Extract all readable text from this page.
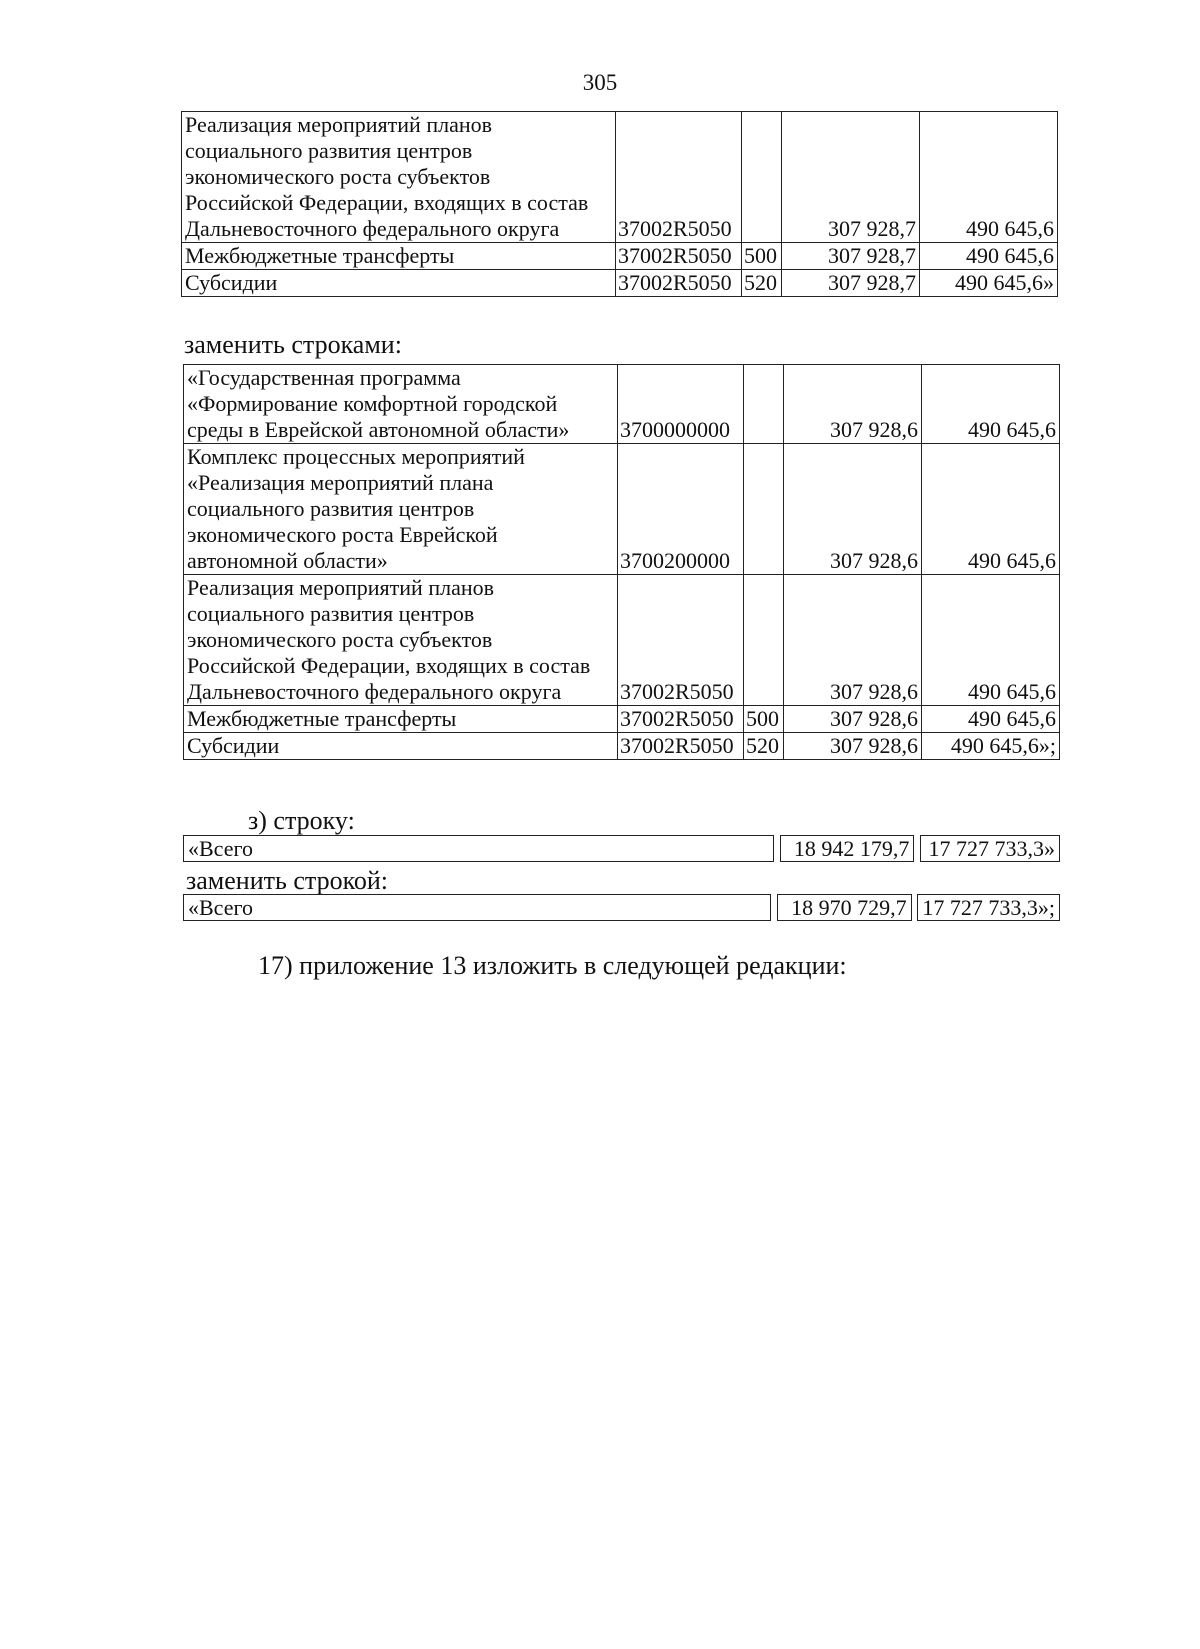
305
Реализация мероприятий планов
социального развития центров
экономического роста субъектов
Российской Федерации, входящих в состав
Дальневосточного федерального округа	37002R5050		307 928,7	490 645,6
Межбюджетные трансферты	37002R5050	500	307 928,7	490 645,6
Субсидии	37002R5050	520	307 928,7	490 645,6»
заменить строками:
«Государственная программа
«Формирование комфортной городской
среды в Еврейской автономной области»	3700000000		307 928,6	490 645,6

Комплекс процессных мероприятий
«Реализация мероприятий плана
социального развития центров
экономического роста Еврейской
автономной области»	3700200000		307 928,6	490 645,6

Реализация мероприятий планов
социального развития центров
экономического роста субъектов
Российской Федерации, входящих в состав
Дальневосточного федерального округа	37002R5050		307 928,6	490 645,6
Межбюджетные трансферты	37002R5050	500	307 928,6	490 645,6
Субсидии	37002R5050	520	307 928,6	490 645,6»;
з) строку:
«Всего		18 942 179,7		17 727 733,3»
заменить строкой:
«Всего		18 970 729,7		17 727 733,3»;
17) приложение 13 изложить в следующей редакции:
